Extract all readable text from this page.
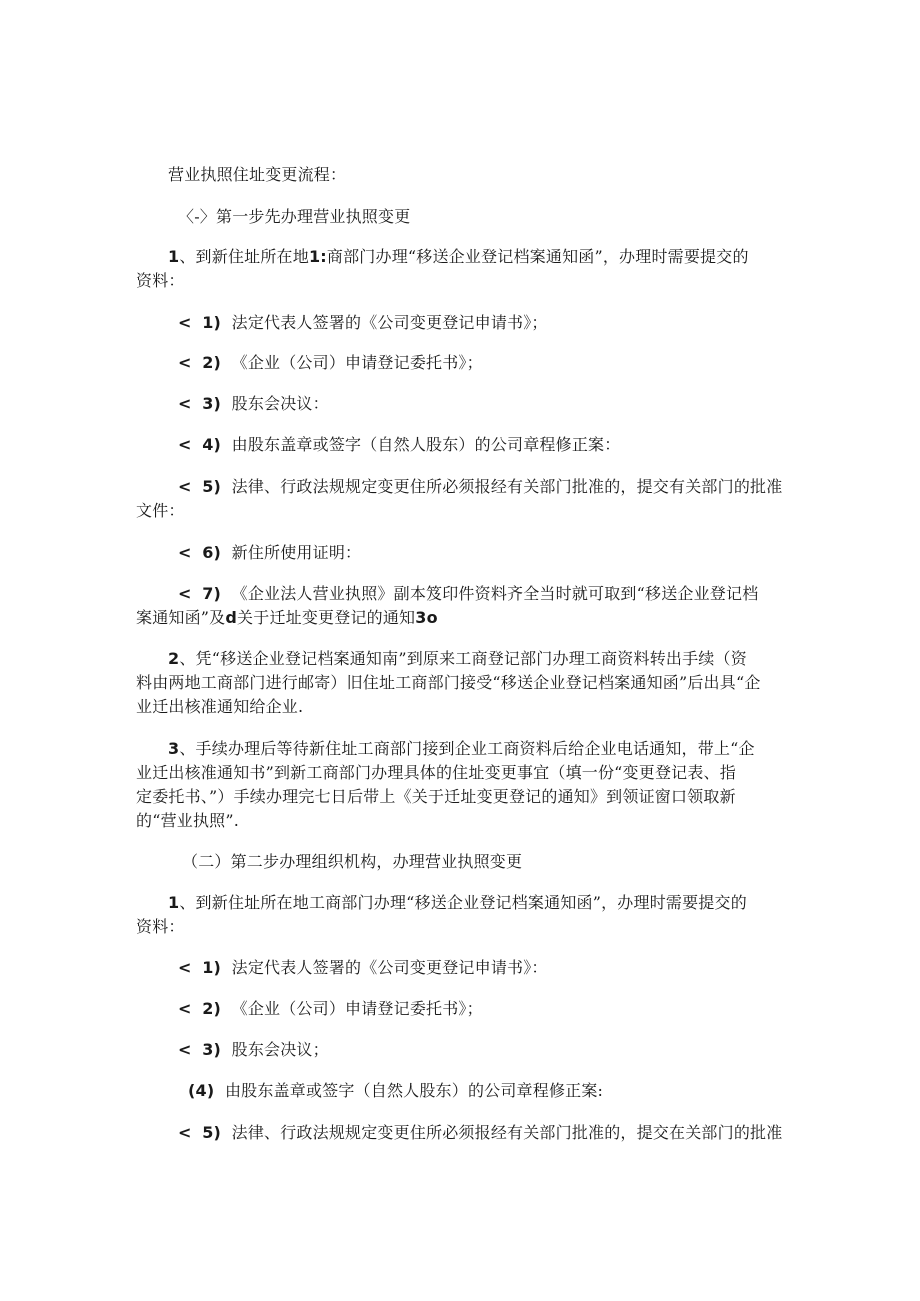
营业执照住址变更流程：
〈-〉第一步先办理营业执照变更
1、到新住址所在地1:商部门办理“移送企业登记档案通知函”，办理时需要提交的
资料：
< 1) 法定代表人签署的《公司变更登记申请书》；
< 2) 《企业（公司）申请登记委托书》；
< 3) 股东会决议：
< 4) 由股东盖章或签字（自然人股东）的公司章程修正案：
< 5) 法律、行政法规规定变更住所必须报经有关部门批准的，提交有关部门的批准
文件：
< 6) 新住所使用证明：
< 7) 《企业法人营业执照》副本笈印件资料齐全当时就可取到“移送企业登记档
案通知函”及d关于迁址变更登记的通知3o
2、凭“移送企业登记档案通知南”到原来工商登记部门办理工商资料转出手续（资
料由两地工商部门进行邮寄）旧住址工商部门接受“移送企业登记档案通知函”后出具“企
业迁出核准通知给企业.
3、手续办理后等待新住址工商部门接到企业工商资料后给企业电话通知，带上“企
业迁出核准通知书”到新工商部门办理具体的住址变更事宜（填一份“变更登记表、指
定委托书、”）手续办理完七日后带上《关于迁址变更登记的通知》到领证窗口领取新
的“营业执照”.
（二）第二步办理组织机构，办理营业执照变更
1、到新住址所在地工商部门办理“移送企业登记档案通知函”，办理时需要提交的
资料：
< 1) 法定代表人签署的《公司变更登记申请书》：
< 2) 《企业（公司）申请登记委托书》；
< 3) 股东会决议；
(4) 由股东盖章或签字（自然人股东）的公司章程修正案:
< 5) 法律、行政法规规定变更住所必须报经有关部门批准的，提交在关部门的批准
